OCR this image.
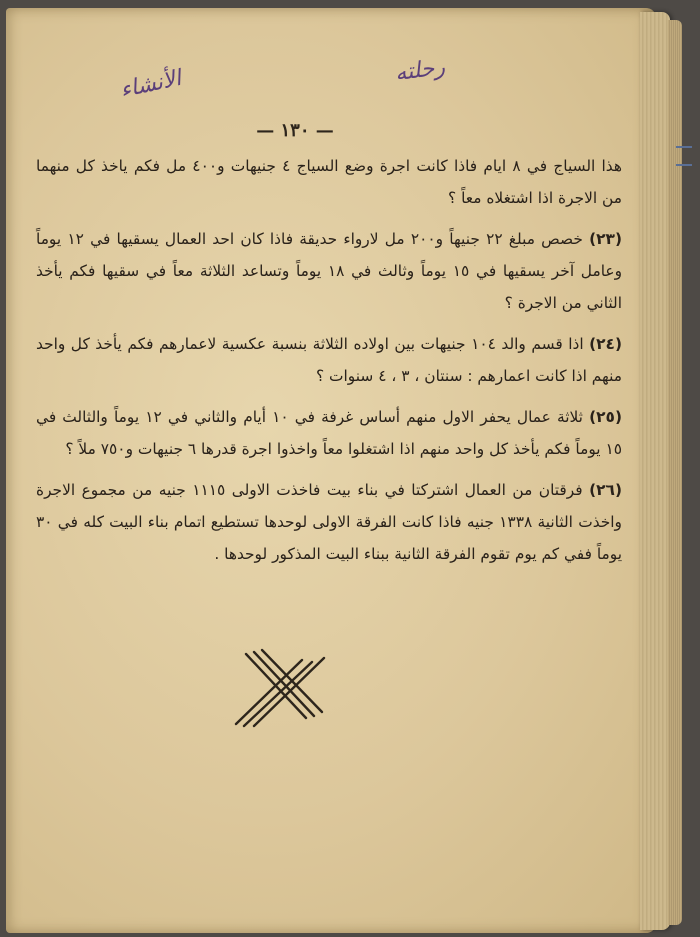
الأنشاء	رحلته
— ١٣٠ —

هذا السياج في ٨ ايام فاذا كانت اجرة وضع السياج ٤ جنيهات و٤٠٠ مل فكم ياخذ كل منهما من الاجرة اذا اشتغلاه معاً ؟

(٢٣) خصص مبلغ ٢٢ جنيهاً و٢٠٠ مل لارواء حديقة فاذا كان احد العمال يسقيها في ١٢ يوماً وعامل آخر يسقيها في ١٥ يوماً وثالث في ١٨ يوماً وتساعد الثلاثة معاً في سقيها فكم يأخذ الثاني من الاجرة ؟

(٢٤) اذا قسم والد ١٠٤ جنيهات بين اولاده الثلاثة بنسبة عكسية لاعمارهم فكم يأخذ كل واحد منهم اذا كانت اعمارهم : سنتان ، ٣ ، ٤ سنوات ؟

(٢٥) ثلاثة عمال يحفر الاول منهم أساس غرفة في ١٠ أيام والثاني في ١٢ يوماً والثالث في ١٥ يوماً فكم يأخذ كل واحد منهم اذا اشتغلوا معاً واخذوا اجرة قدرها ٦ جنيهات و٧٥٠ ملاً ؟

(٢٦) فرقتان من العمال اشتركتا في بناء بيت فاخذت الاولى ١١١٥ جنيه من مجموع الاجرة واخذت الثانية ١٣٣٨ جنيه فاذا كانت الفرقة الاولى لوحدها تستطيع اتمام بناء البيت كله في ٣٠ يوماً ففي كم يوم تقوم الفرقة الثانية ببناء البيت المذكور لوحدها .
